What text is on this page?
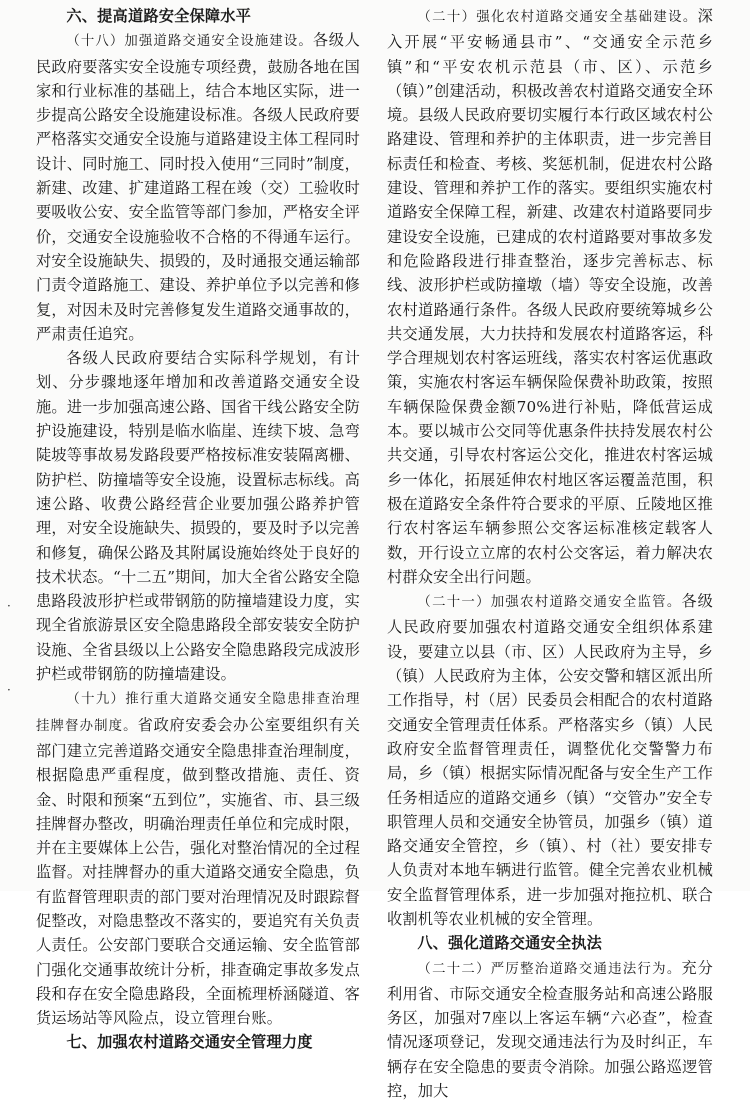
·
·
六、提高道路安全保障水平

（十八）加强道路交通安全设施建设。各级人民政府要落实安全设施专项经费，鼓励各地在国家和行业标准的基础上，结合本地区实际，进一步提高公路安全设施建设标准。各级人民政府要严格落实交通安全设施与道路建设主体工程同时设计、同时施工、同时投入使用“三同时”制度，新建、改建、扩建道路工程在竣（交）工验收时要吸收公安、安全监管等部门参加，严格安全评价，交通安全设施验收不合格的不得通车运行。对安全设施缺失、损毁的，及时通报交通运输部门责令道路施工、建设、养护单位予以完善和修复，对因未及时完善修复发生道路交通事故的，严肃责任追究。

各级人民政府要结合实际科学规划，有计划、分步骤地逐年增加和改善道路交通安全设施。进一步加强高速公路、国省干线公路安全防护设施建设，特别是临水临崖、连续下坡、急弯陡坡等事故易发路段要严格按标准安装隔离栅、防护栏、防撞墙等安全设施，设置标志标线。高速公路、收费公路经营企业要加强公路养护管理，对安全设施缺失、损毁的，要及时予以完善和修复，确保公路及其附属设施始终处于良好的技术状态。“十二五”期间，加大全省公路安全隐患路段波形护栏或带钢筋的防撞墙建设力度，实现全省旅游景区安全隐患路段全部安装安全防护设施、全省县级以上公路安全隐患路段完成波形护栏或带钢筋的防撞墙建设。

（十九）推行重大道路交通安全隐患排查治理挂牌督办制度。省政府安委会办公室要组织有关部门建立完善道路交通安全隐患排查治理制度，根据隐患严重程度，做到整改措施、责任、资金、时限和预案“五到位”，实施省、市、县三级挂牌督办整改，明确治理责任单位和完成时限，并在主要媒体上公告，强化对整治情况的全过程监督。对挂牌督办的重大道路交通安全隐患，负有监督管理职责的部门要对治理情况及时跟踪督促整改，对隐患整改不落实的，要追究有关负责人责任。公安部门要联合交通运输、安全监管部门强化交通事故统计分析，排查确定事故多发点段和存在安全隐患路段，全面梳理桥涵隧道、客货运场站等风险点，设立管理台账。

七、加强农村道路交通安全管理力度

（二十）强化农村道路交通安全基础建设。深入开展“平安畅通县市”、“交通安全示范乡镇”和“平安农机示范县（市、区）、示范乡（镇）”创建活动，积极改善农村道路交通安全环境。县级人民政府要切实履行本行政区域农村公路建设、管理和养护的主体职责，进一步完善目标责任和检查、考核、奖惩机制，促进农村公路建设、管理和养护工作的落实。要组织实施农村道路安全保障工程，新建、改建农村道路要同步建设安全设施，已建成的农村道路要对事故多发和危险路段进行排查整治，逐步完善标志、标线、波形护栏或防撞墩（墙）等安全设施，改善农村道路通行条件。各级人民政府要统筹城乡公共交通发展，大力扶持和发展农村道路客运，科学合理规划农村客运班线，落实农村客运优惠政策，实施农村客运车辆保险保费补助政策，按照车辆保险保费金额70%进行补贴，降低营运成本。要以城市公交同等优惠条件扶持发展农村公共交通，引导农村客运公交化，推进农村客运城乡一体化，拓展延伸农村地区客运覆盖范围，积极在道路安全条件符合要求的平原、丘陵地区推行农村客运车辆参照公交客运标准核定载客人数，开行设立立席的农村公交客运，着力解决农村群众安全出行问题。

（二十一）加强农村道路交通安全监管。各级人民政府要加强农村道路交通安全组织体系建设，要建立以县（市、区）人民政府为主导，乡（镇）人民政府为主体，公安交警和辖区派出所工作指导，村（居）民委员会相配合的农村道路交通安全管理责任体系。严格落实乡（镇）人民政府安全监督管理责任，调整优化交警警力布局，乡（镇）根据实际情况配备与安全生产工作任务相适应的道路交通乡（镇）“交管办”安全专职管理人员和交通安全协管员，加强乡（镇）道路交通安全管控，乡（镇）、村（社）要安排专人负责对本地车辆进行监管。健全完善农业机械安全监督管理体系，进一步加强对拖拉机、联合收割机等农业机械的安全管理。

八、强化道路交通安全执法

（二十二）严厉整治道路交通违法行为。充分利用省、市际交通安全检查服务站和高速公路服务区，加强对7座以上客运车辆“六必查”，检查情况逐项登记，发现交通违法行为及时纠正，车辆存在安全隐患的要责令消除。加强公路巡逻管控，加大
